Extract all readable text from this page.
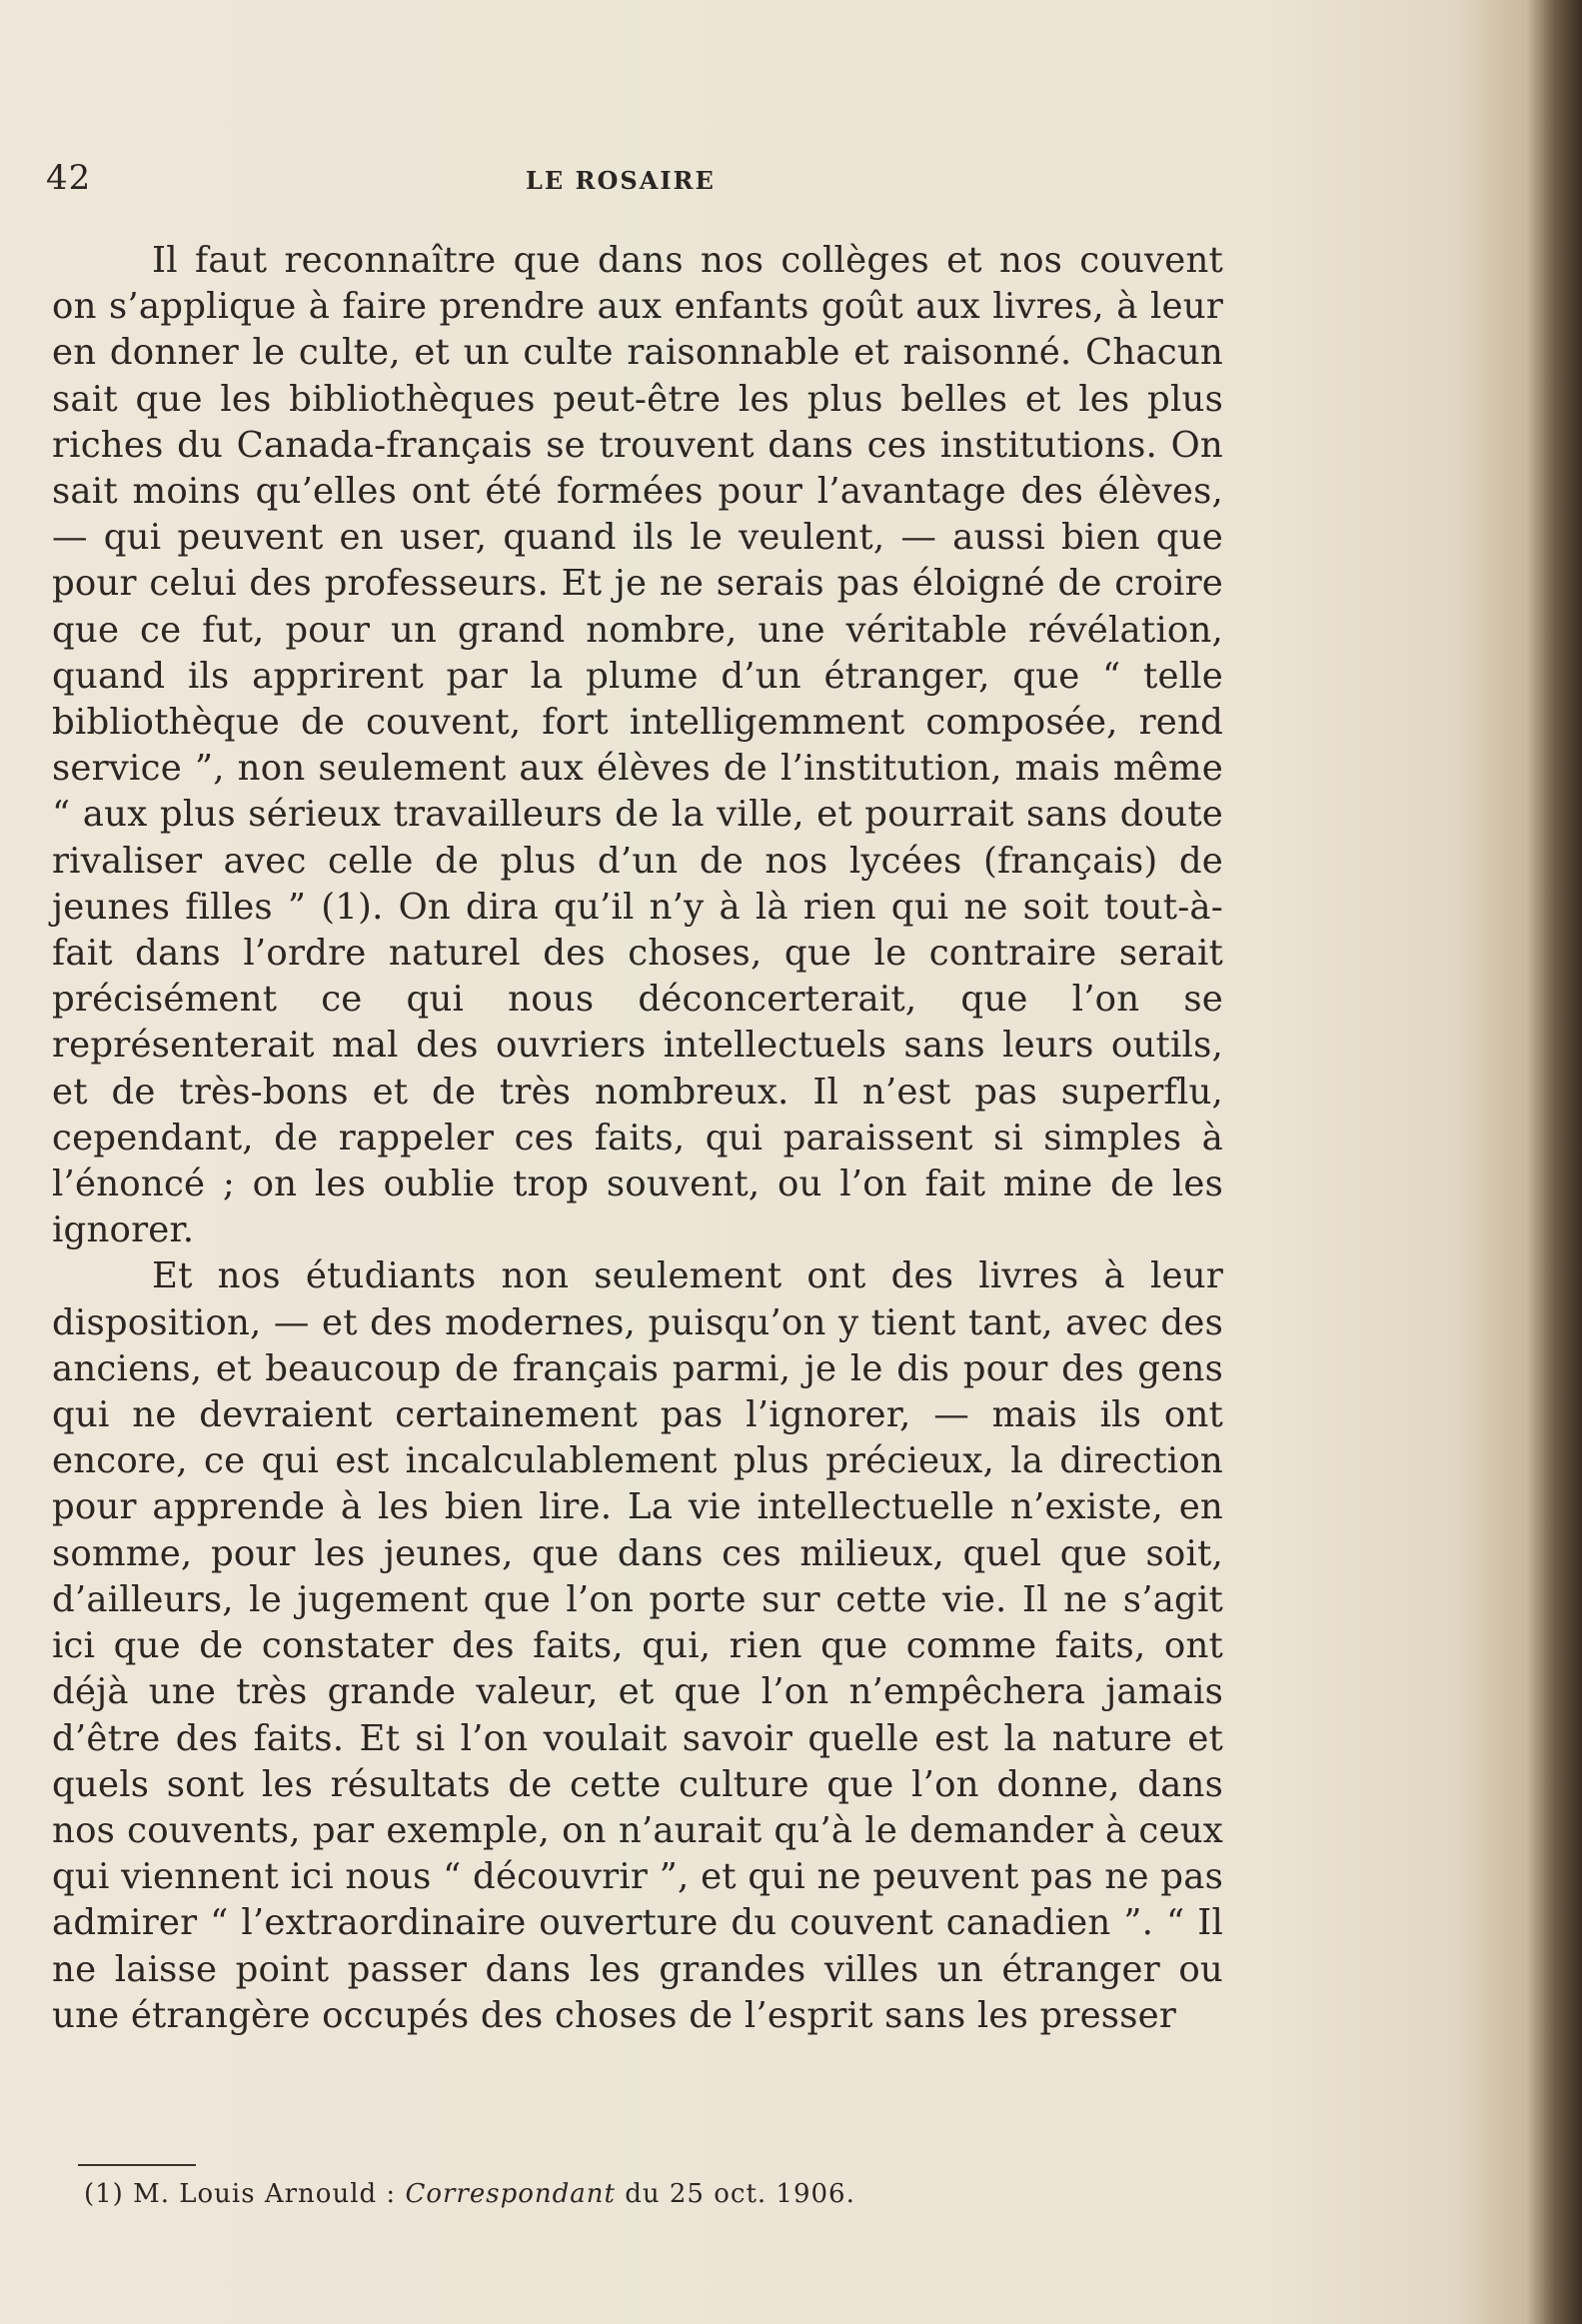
42	LE ROSAIRE

Il faut reconnaître que dans nos collèges et nos couvent on s’applique à faire prendre aux enfants goût aux livres, à leur en donner le culte, et un culte raisonnable et raisonné. Chacun sait que les bibliothèques peut-être les plus belles et les plus riches du Canada-français se trouvent dans ces institutions. On sait moins qu’elles ont été formées pour l’avantage des élèves, — qui peuvent en user, quand ils le veulent, — aussi bien que pour celui des professeurs. Et je ne serais pas éloigné de croire que ce fut, pour un grand nombre, une véritable révélation, quand ils apprirent par la plume d’un étranger, que “ telle bibliothèque de couvent, fort intelligemment composée, rend service ”, non seulement aux élèves de l’institution, mais même “ aux plus sérieux travailleurs de la ville, et pourrait sans doute rivaliser avec celle de plus d’un de nos lycées (français) de jeunes filles ” (1). On dira qu’il n’y à là rien qui ne soit tout-à-fait dans l’ordre naturel des choses, que le contraire serait précisément ce qui nous déconcerterait, que l’on se représenterait mal des ouvriers intellectuels sans leurs outils, et de très-bons et de très nombreux. Il n’est pas superflu, cependant, de rappeler ces faits, qui paraissent si simples à l’énoncé ; on les oublie trop souvent, ou l’on fait mine de les ignorer.

Et nos étudiants non seulement ont des livres à leur disposition, — et des modernes, puisqu’on y tient tant, avec des anciens, et beaucoup de français parmi, je le dis pour des gens qui ne devraient certainement pas l’ignorer, — mais ils ont encore, ce qui est incalculablement plus précieux, la direction pour apprende à les bien lire. La vie intellectuelle n’existe, en somme, pour les jeunes, que dans ces milieux, quel que soit, d’ailleurs, le jugement que l’on porte sur cette vie. Il ne s’agit ici que de constater des faits, qui, rien que comme faits, ont déjà une très grande valeur, et que l’on n’empêchera jamais d’être des faits. Et si l’on voulait savoir quelle est la nature et quels sont les résultats de cette culture que l’on donne, dans nos couvents, par exemple, on n’aurait qu’à le demander à ceux qui viennent ici nous “ découvrir ”, et qui ne peuvent pas ne pas admirer “ l’extraordinaire ouverture du couvent canadien ”. “ Il ne laisse point passer dans les grandes villes un étranger ou une étrangère occupés des choses de l’esprit sans les presser

(1) M. Louis Arnould : Correspondant du 25 oct. 1906.
